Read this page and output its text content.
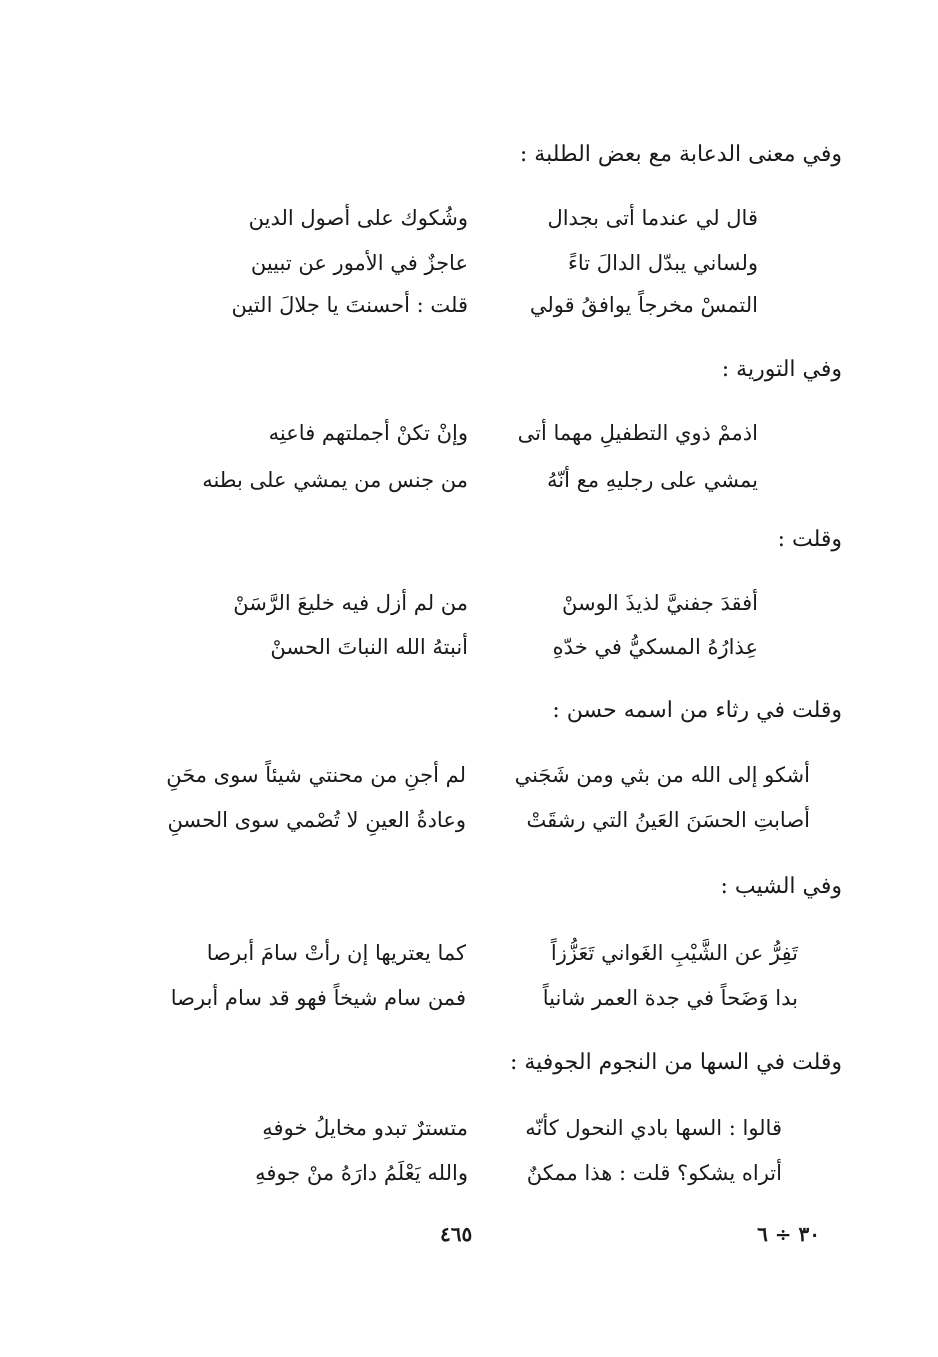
وفي معنى الدعابة مع بعض الطلبة :
قال لي عندما أتى بجدال
وشُكوك على أصول الدين
ولساني يبدّل الدالَ تاءً
عاجزٌ في الأمور عن تبيين
التمسْ مخرجاً يوافقُ قولي
قلت : أحسنتَ يا جلالَ التين
وفي التورية :
اذممْ ذوي التطفيلِ مهما أتى
وإنْ تكنْ أجملتهم فاعنِه
يمشي على رجليهِ مع أنّهُ
من جنس من يمشي على بطنه
وقلت :
أفقدَ جفنيَّ لذيذَ الوسنْ
من لم أزل فيه خليعَ الرَّسَنْ
عِذارُهُ المسكيُّ في خدّهِ
أنبتهُ الله النباتَ الحسنْ
وقلت في رثاء من اسمه حسن :
أشكو إلى الله من بثي ومن شَجَني
لم أجنِ من محنتي شيئاً سوى محَنِ
أصابتِ الحسَنَ العَينُ التي رشقَتْ
وعادةُ العينِ لا تُصْمي سوى الحسنِ
وفي الشيب :
تَفِرُّ عن الشَّيْبِ الغَواني تَعَزُّزاً
كما يعتريها إن رأتْ سامَ أبرصا
بدا وَضَحاً في جدة العمر شانياً
فمن سام شيخاً فهو قد سام أبرصا
وقلت في السها من النجوم الجوفية :
قالوا : السها بادي النحول كأنّه
متسترٌ تبدو مخايلُ خوفهِ
أتراه يشكو؟ قلت : هذا ممكنٌ
والله يَعْلَمُ دارَهُ منْ جوفهِ
٣٠ ÷ ٦
٤٦٥
